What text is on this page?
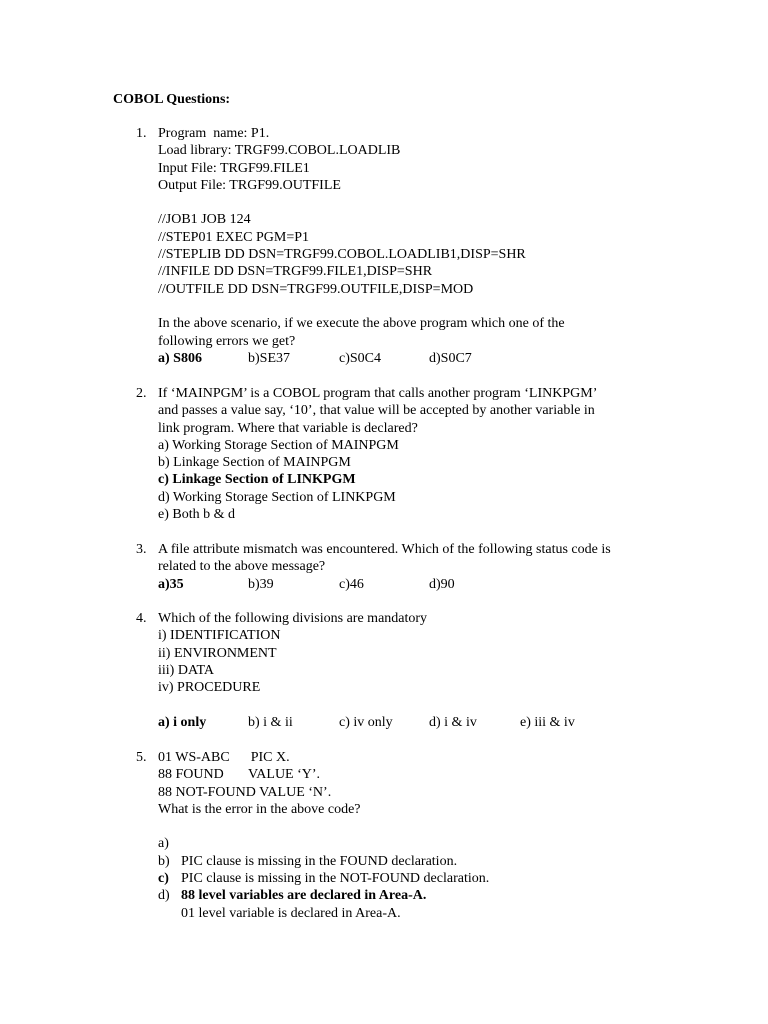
COBOL Questions:
1. Program  name: P1.
Load library: TRGF99.COBOL.LOADLIB
Input File: TRGF99.FILE1
Output File: TRGF99.OUTFILE
//JOB1 JOB 124
//STEP01 EXEC PGM=P1
//STEPLIB DD DSN=TRGF99.COBOL.LOADLIB1,DISP=SHR
//INFILE DD DSN=TRGF99.FILE1,DISP=SHR
//OUTFILE DD DSN=TRGF99.OUTFILE,DISP=MOD
In the above scenario, if we execute the above program which one of the
following errors we get?

a) S806

	b)SE37

	c)S0C4

	d)S0C7

2. If ‘MAINPGM’ is a COBOL program that calls another program ‘LINKPGM’
and passes a value say, ‘10’, that value will be accepted by another variable in
link program. Where that variable is declared?
a) Working Storage Section of MAINPGM
b) Linkage Section of MAINPGM
c) Linkage Section of LINKPGM
d) Working Storage Section of LINKPGM
e) Both b & d
3. A file attribute mismatch was encountered. Which of the following status code is
related to the above message?

a)35

	b)39

	c)46

	d)90

4. Which of the following divisions are mandatory
i) IDENTIFICATION
ii) ENVIRONMENT
iii) DATA
iv) PROCEDURE

a) i only

	b) i & ii

	c) iv only

	d) i & iv

	e) iii & iv

5. 01 WS-ABC      PIC X.
88 FOUND       VALUE ‘Y’.
88 NOT-FOUND VALUE ‘N’.
What is the error in the above code?

a)

PIC clause is missing in the FOUND declaration.

b)

PIC clause is missing in the NOT-FOUND declaration.

c)

88 level variables are declared in Area-A.

d)

01 level variable is declared in Area-A.
